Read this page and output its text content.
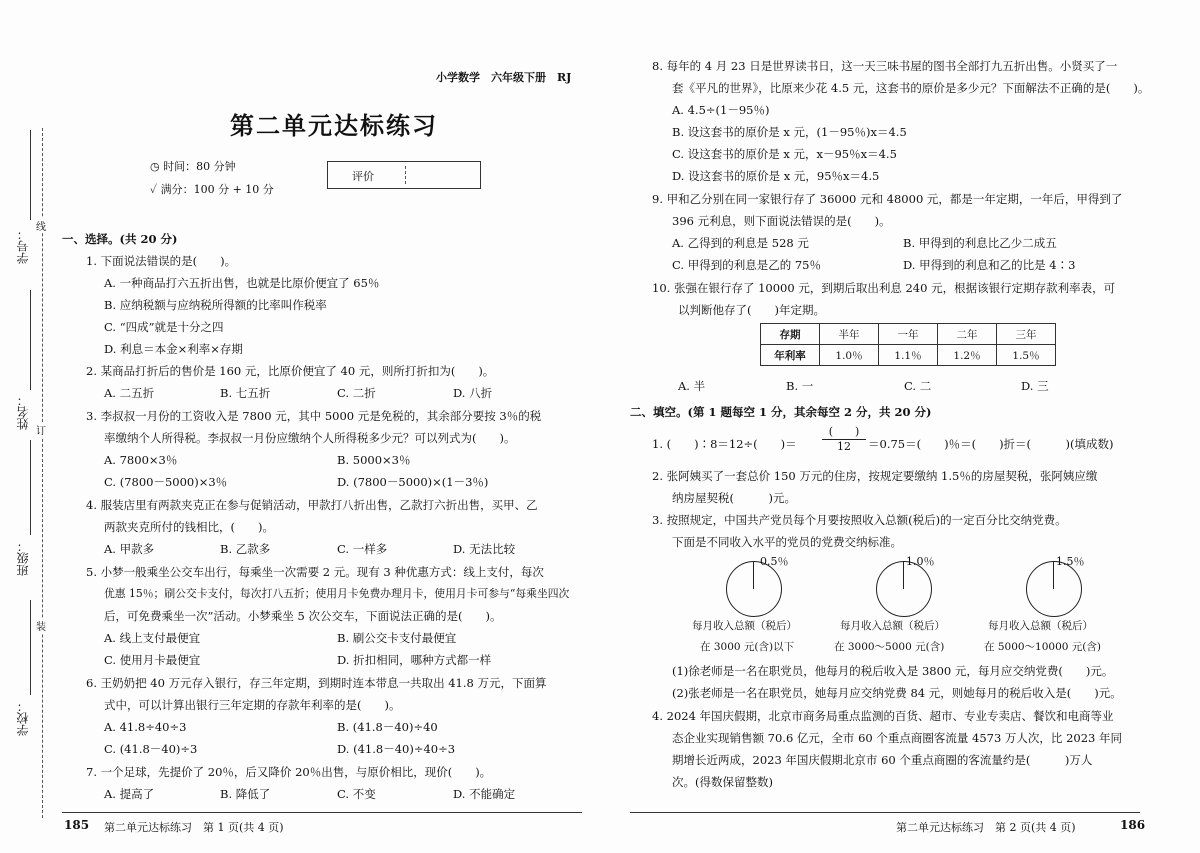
小学数学　六年级下册　RJ
第二单元达标练习
◷ 时间：80 分钟
✓ 满分：100 分 + 10 分
评价
学号：
线
姓名：
订
班级：
装
学校：
一、选择。(共 20 分)
1. 下面说法错误的是(　　)。
A. 一种商品打六五折出售，也就是比原价便宜了 65％
B. 应纳税额与应纳税所得额的比率叫作税率
C. “四成”就是十分之四
D. 利息＝本金×利率×存期
2. 某商品打折后的售价是 160 元，比原价便宜了 40 元，则所打折扣为(　　)。
A. 二五折	B. 七五折	C. 二折	D. 八折
3. 李叔叔一月份的工资收入是 7800 元，其中 5000 元是免税的，其余部分要按 3％的税
率缴纳个人所得税。李叔叔一月份应缴纳个人所得税多少元？可以列式为(　　)。
A. 7800×3％	B. 5000×3％
C. (7800－5000)×3％	D. (7800－5000)×(1－3％)
4. 服装店里有两款夹克正在参与促销活动，甲款打八折出售，乙款打六折出售，买甲、乙
两款夹克所付的钱相比，(　　)。
A. 甲款多	B. 乙款多	C. 一样多	D. 无法比较
5. 小梦一般乘坐公交车出行，每乘坐一次需要 2 元。现有 3 种优惠方式：线上支付，每次
优惠 15％；刷公交卡支付，每次打八五折；使用月卡免费办理月卡，使用月卡可参与“每乘坐四次
后，可免费乘坐一次”活动。小梦乘坐 5 次公交车，下面说法正确的是(　　)。
A. 线上支付最便宜	B. 刷公交卡支付最便宜
C. 使用月卡最便宜	D. 折扣相同，哪种方式都一样
6. 王奶奶把 40 万元存入银行，存三年定期，到期时连本带息一共取出 41.8 万元，下面算
式中，可以计算出银行三年定期的存款年利率的是(　　)。
A. 41.8÷40÷3	B. (41.8－40)÷40
C. (41.8－40)÷3	D. (41.8－40)÷40÷3
7. 一个足球，先提价了 20％，后又降价 20％出售，与原价相比，现价(　　)。
A. 提高了	B. 降低了	C. 不变	D. 不能确定
8. 每年的 4 月 23 日是世界读书日，这一天三味书屋的图书全部打九五折出售。小贤买了一
套《平凡的世界》，比原来少花 4.5 元，这套书的原价是多少元？下面解法不正确的是(　　)。
A. 4.5÷(1－95％)
B. 设这套书的原价是 x 元，(1－95％)x＝4.5
C. 设这套书的原价是 x 元，x－95％x＝4.5
D. 设这套书的原价是 x 元，95％x＝4.5
9. 甲和乙分别在同一家银行存了 36000 元和 48000 元，都是一年定期，一年后，甲得到了
396 元利息，则下面说法错误的是(　　)。
A. 乙得到的利息是 528 元	B. 甲得到的利息比乙少二成五
C. 甲得到的利息是乙的 75％	D. 甲得到的利息和乙的比是 4∶3
10. 张强在银行存了 10000 元，到期后取出利息 240 元，根据该银行定期存款利率表，可
以判断他存了(　　)年定期。
存期	半年	一年	二年	三年
年利率	1.0％	1.1％	1.2％	1.5％
A. 半	B. 一	C. 二	D. 三
二、填空。(第 1 题每空 1 分，其余每空 2 分，共 20 分)
1. (　　)∶8＝12÷(　　)＝
(　　)
12	＝0.75＝(　　)％＝(　　)折＝(　　　)(填成数)
2. 张阿姨买了一套总价 150 万元的住房，按规定要缴纳 1.5％的房屋契税，张阿姨应缴
纳房屋契税(　　　)元。
3. 按照规定，中国共产党员每个月要按照收入总额(税后)的一定百分比交纳党费。
下面是不同收入水平的党员的党费交纳标准。
0.5％
每月收入总额（税后）
在 3000 元(含)以下
1.0％
每月收入总额（税后）
在 3000～5000 元(含)
1.5％
每月收入总额（税后）
在 5000～10000 元(含)
(1)徐老师是一名在职党员，他每月的税后收入是 3800 元，每月应交纳党费(　　)元。
(2)张老师是一名在职党员，她每月应交纳党费 84 元，则她每月的税后收入是(　　)元。
4. 2024 年国庆假期，北京市商务局重点监测的百货、超市、专业专卖店、餐饮和电商等业
态企业实现销售额 70.6 亿元，全市 60 个重点商圈客流量 4573 万人次，比 2023 年同
期增长近两成，2023 年国庆假期北京市 60 个重点商圈的客流量约是(　　　)万人
次。(得数保留整数)
185 第二单元达标练习　第 1 页(共 4 页)	第二单元达标练习　第 2 页(共 4 页)	186
